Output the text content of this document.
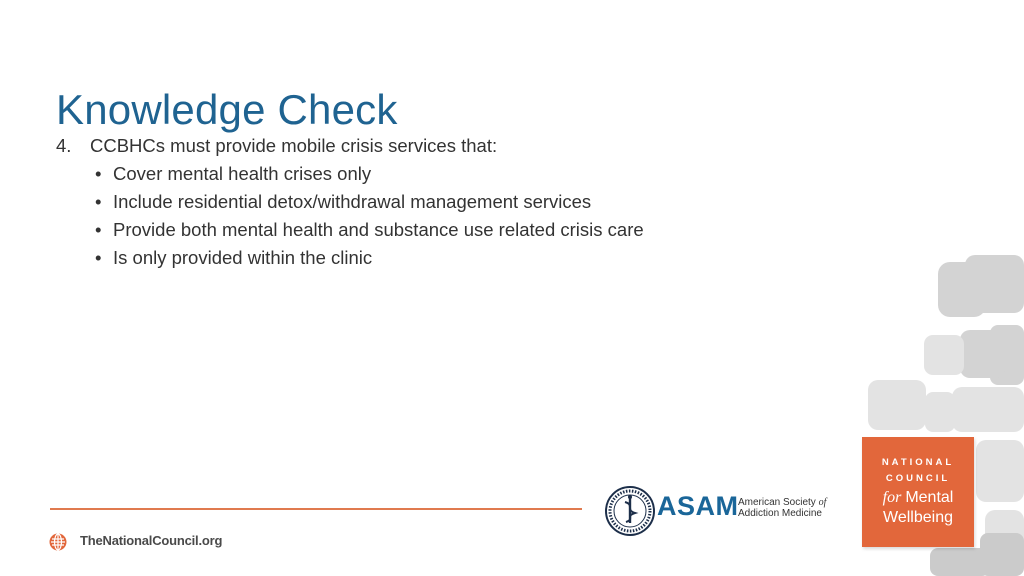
Knowledge Check
4.	CCBHCs must provide mobile crisis services that:
• Cover mental health crises only
• Include residential detox/withdrawal management services
• Provide both mental health and substance use related crisis care
• Is only provided within the clinic
TheNationalCouncil.org
ASAM American Society of
Addiction Medicine
NATIONAL
COUNCIL
for Mental
Wellbeing
